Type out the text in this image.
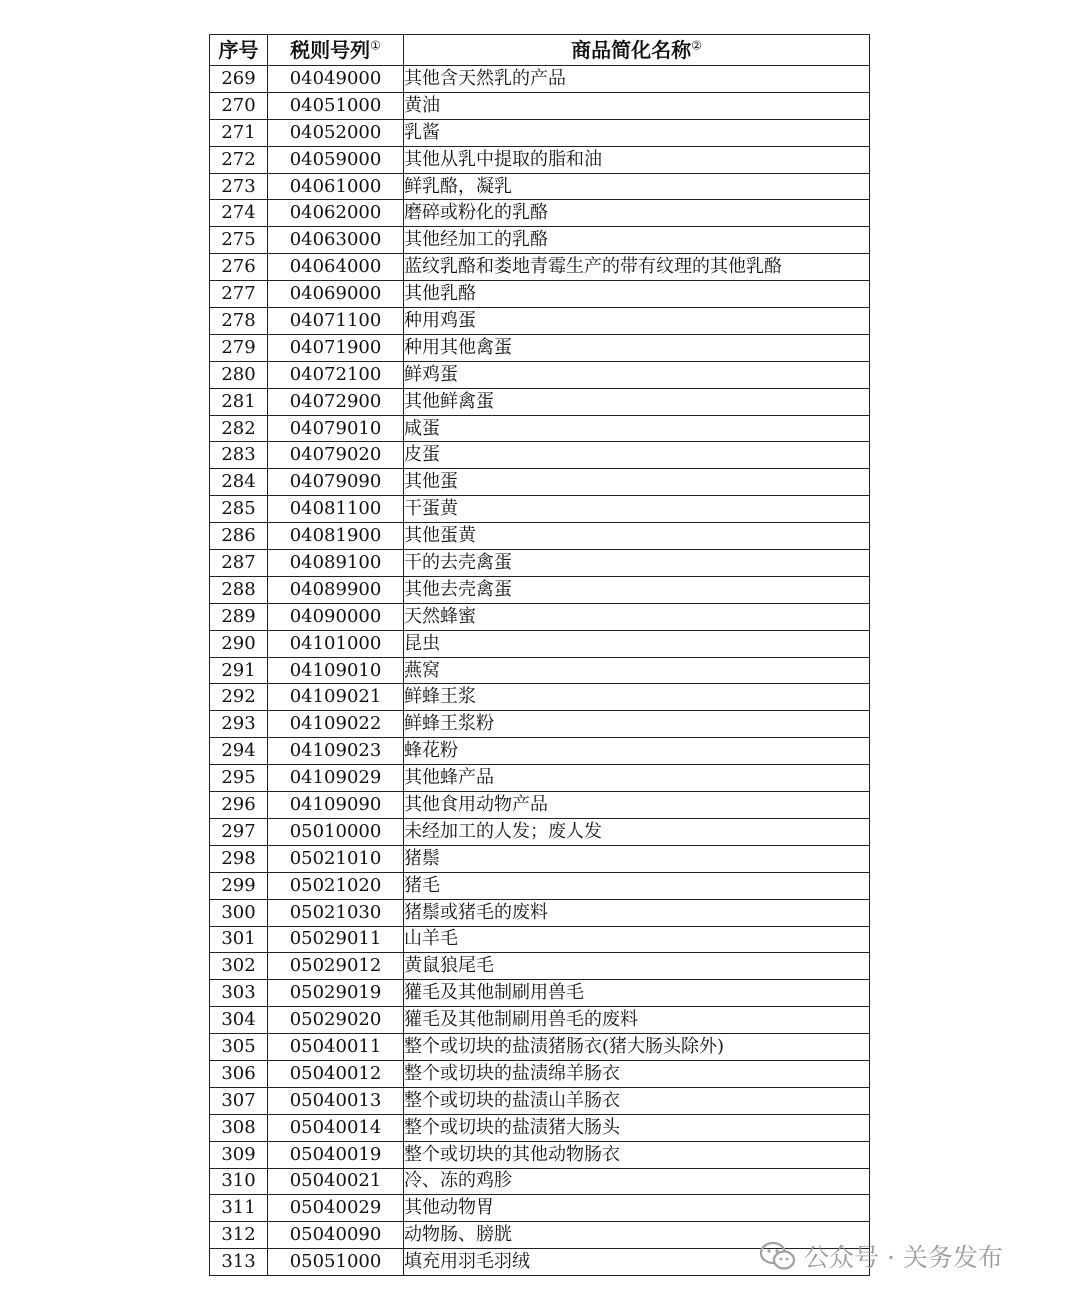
序号	税则号列①	商品简化名称②
269	04049000	其他含天然乳的产品
270	04051000	黄油
271	04052000	乳酱
272	04059000	其他从乳中提取的脂和油
273	04061000	鲜乳酪，凝乳
274	04062000	磨碎或粉化的乳酪
275	04063000	其他经加工的乳酪
276	04064000	蓝纹乳酪和娄地青霉生产的带有纹理的其他乳酪
277	04069000	其他乳酪
278	04071100	种用鸡蛋
279	04071900	种用其他禽蛋
280	04072100	鲜鸡蛋
281	04072900	其他鲜禽蛋
282	04079010	咸蛋
283	04079020	皮蛋
284	04079090	其他蛋
285	04081100	干蛋黄
286	04081900	其他蛋黄
287	04089100	干的去壳禽蛋
288	04089900	其他去壳禽蛋
289	04090000	天然蜂蜜
290	04101000	昆虫
291	04109010	燕窝
292	04109021	鲜蜂王浆
293	04109022	鲜蜂王浆粉
294	04109023	蜂花粉
295	04109029	其他蜂产品
296	04109090	其他食用动物产品
297	05010000	未经加工的人发；废人发
298	05021010	猪鬃
299	05021020	猪毛
300	05021030	猪鬃或猪毛的废料
301	05029011	山羊毛
302	05029012	黄鼠狼尾毛
303	05029019	獾毛及其他制刷用兽毛
304	05029020	獾毛及其他制刷用兽毛的废料
305	05040011	整个或切块的盐渍猪肠衣(猪大肠头除外)
306	05040012	整个或切块的盐渍绵羊肠衣
307	05040013	整个或切块的盐渍山羊肠衣
308	05040014	整个或切块的盐渍猪大肠头
309	05040019	整个或切块的其他动物肠衣
310	05040021	冷、冻的鸡胗
311	05040029	其他动物胃
312	05040090	动物肠、膀胱
313	05051000	填充用羽毛羽绒	公众号 · 关务发布
